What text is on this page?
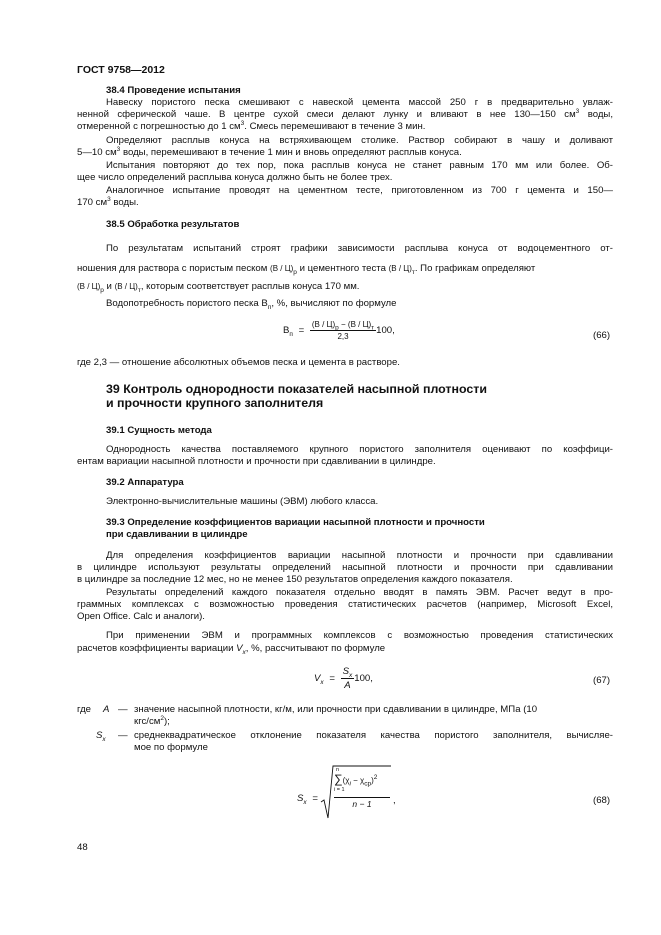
ГОСТ 9758—2012
38.4 Проведение испытания
Навеску пористого песка смешивают с навеской цемента массой 250 г в предварительно увлаж-
ненной сферической чаше. В центре сухой смеси делают лунку и вливают в нее 130—150 $см^3$ воды,
отмеренной с погрешностью до 1 $см^3$. Смесь перемешивают в течение 3 мин.
Определяют расплыв конуса на встряхивающем столике. Раствор собирают в чашу и доливают
5—10 $см^3$ воды, перемешивают в течение 1 мин и вновь определяют расплыв конуса.
Испытания повторяют до тех пор, пока расплыв конуса не станет равным 170 мм или более. Об-
щее число определений расплыва конуса должно быть не более трех.
Аналогичное испытание проводят на цементном тесте, приготовленном из 700 г цемента и 150—
170 $см^3$ воды.
38.5 Обработка результатов
По результатам испытаний строят графики зависимости расплыва конуса от водоцементного от-
ношения для раствора с пористым песком $(В / Ц)_р$ и цементного теста $(В / Ц)_т$. По графикам определяют
$(В / Ц)_р$ и $(В / Ц)_т$, которым соответствует расплыв конуса 170 мм.
Водопотребность пористого песка $В_п$, %, вычисляют по формуле
$В_п = \frac{(В / Ц)_р - (В / Ц)_т}{2,3} 100$,	(66)
где 2,3 — отношение абсолютных объемов песка и цемента в растворе.
39 Контроль однородности показателей насыпной плотности
и прочности крупного заполнителя
39.1 Сущность метода
Однородность качества поставляемого крупного пористого заполнителя оценивают по коэффици-
ентам вариации насыпной плотности и прочности при сдавливании в цилиндре.
39.2 Аппаратура
Электронно-вычислительные машины (ЭВМ) любого класса.
39.3 Определение коэффициентов вариации насыпной плотности и прочности
при сдавливании в цилиндре
Для определения коэффициентов вариации насыпной плотности и прочности при сдавливании
в цилиндре используют результаты определений насыпной плотности и прочности при сдавливании
в цилиндре за последние 12 мес, но не менее 150 результатов определения каждого показателя.
Результаты определений каждого показателя отдельно вводят в память ЭВМ. Расчет ведут в про-
граммных комплексах с возможностью проведения статистических расчетов (например, Microsoft Excel,
Open Office. Calc и аналоги).
При применении ЭВМ и программных комплексов с возможностью проведения статистических
расчетов коэффициенты вариации $V_x$, %, рассчитывают по формуле
$V_x = \frac{S_x}{A} 100$,	(67)
где A — значение насыпной плотности, кг/м, или прочности при сдавливании в цилиндре, МПа (10
кгс/$см^2$);
$S_x$ — среднеквадратическое отклонение показателя качества пористого заполнителя, вычисляе-
мое по формуле
$S_x$ =
n
$\sum(\chi_i - \chi_{ср})^2$
i = 1
n − 1	,	(68)
48
